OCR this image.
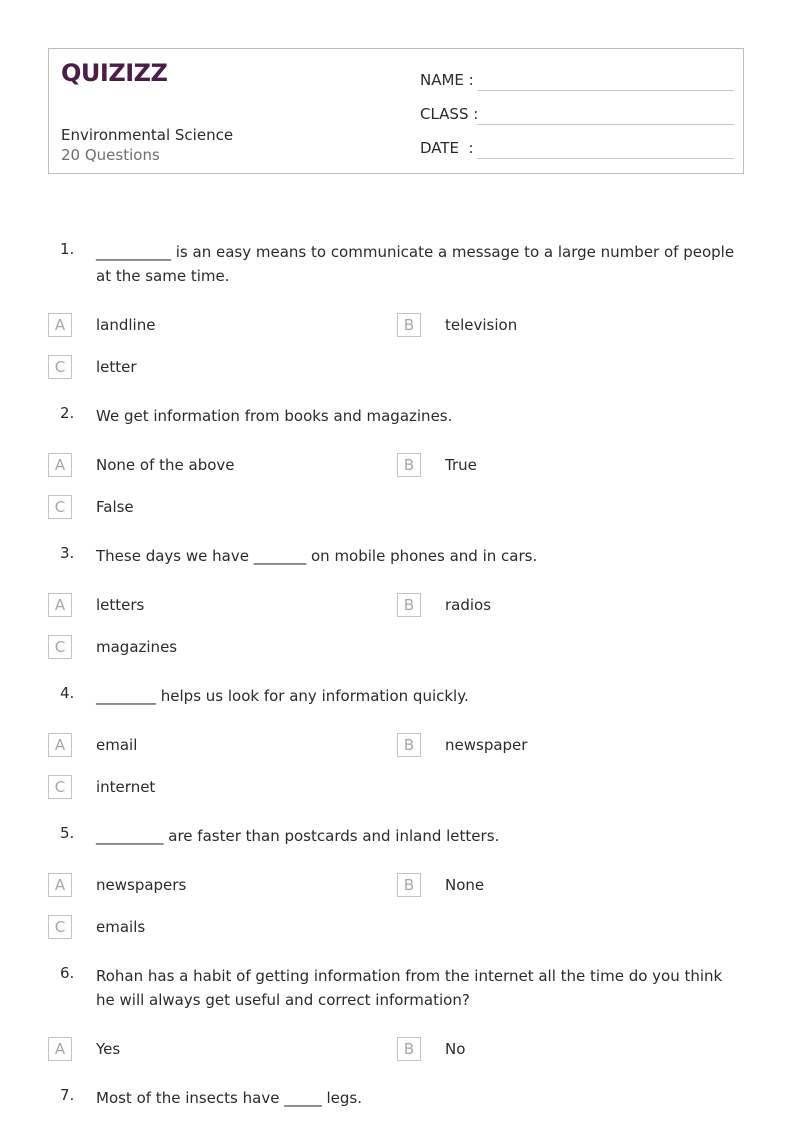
QUIZIZZ
Environmental Science
20 Questions
NAME :
CLASS :
DATE  :
1. __________ is an easy means to communicate a message to a large number of people at the same time.
A	landline	B	television
C	letter
2. We get information from books and magazines.
A	None of the above	B	True
C	False
3. These days we have _______ on mobile phones and in cars.
A	letters	B	radios
C	magazines
4. ________ helps us look for any information quickly.
A	email	B	newspaper
C	internet
5. _________ are faster than postcards and inland letters.
A	newspapers	B	None
C	emails
6. Rohan has a habit of getting information from the internet all the time do you think he will always get useful and correct information?
A	Yes	B	No
7. Most of the insects have _____ legs.
